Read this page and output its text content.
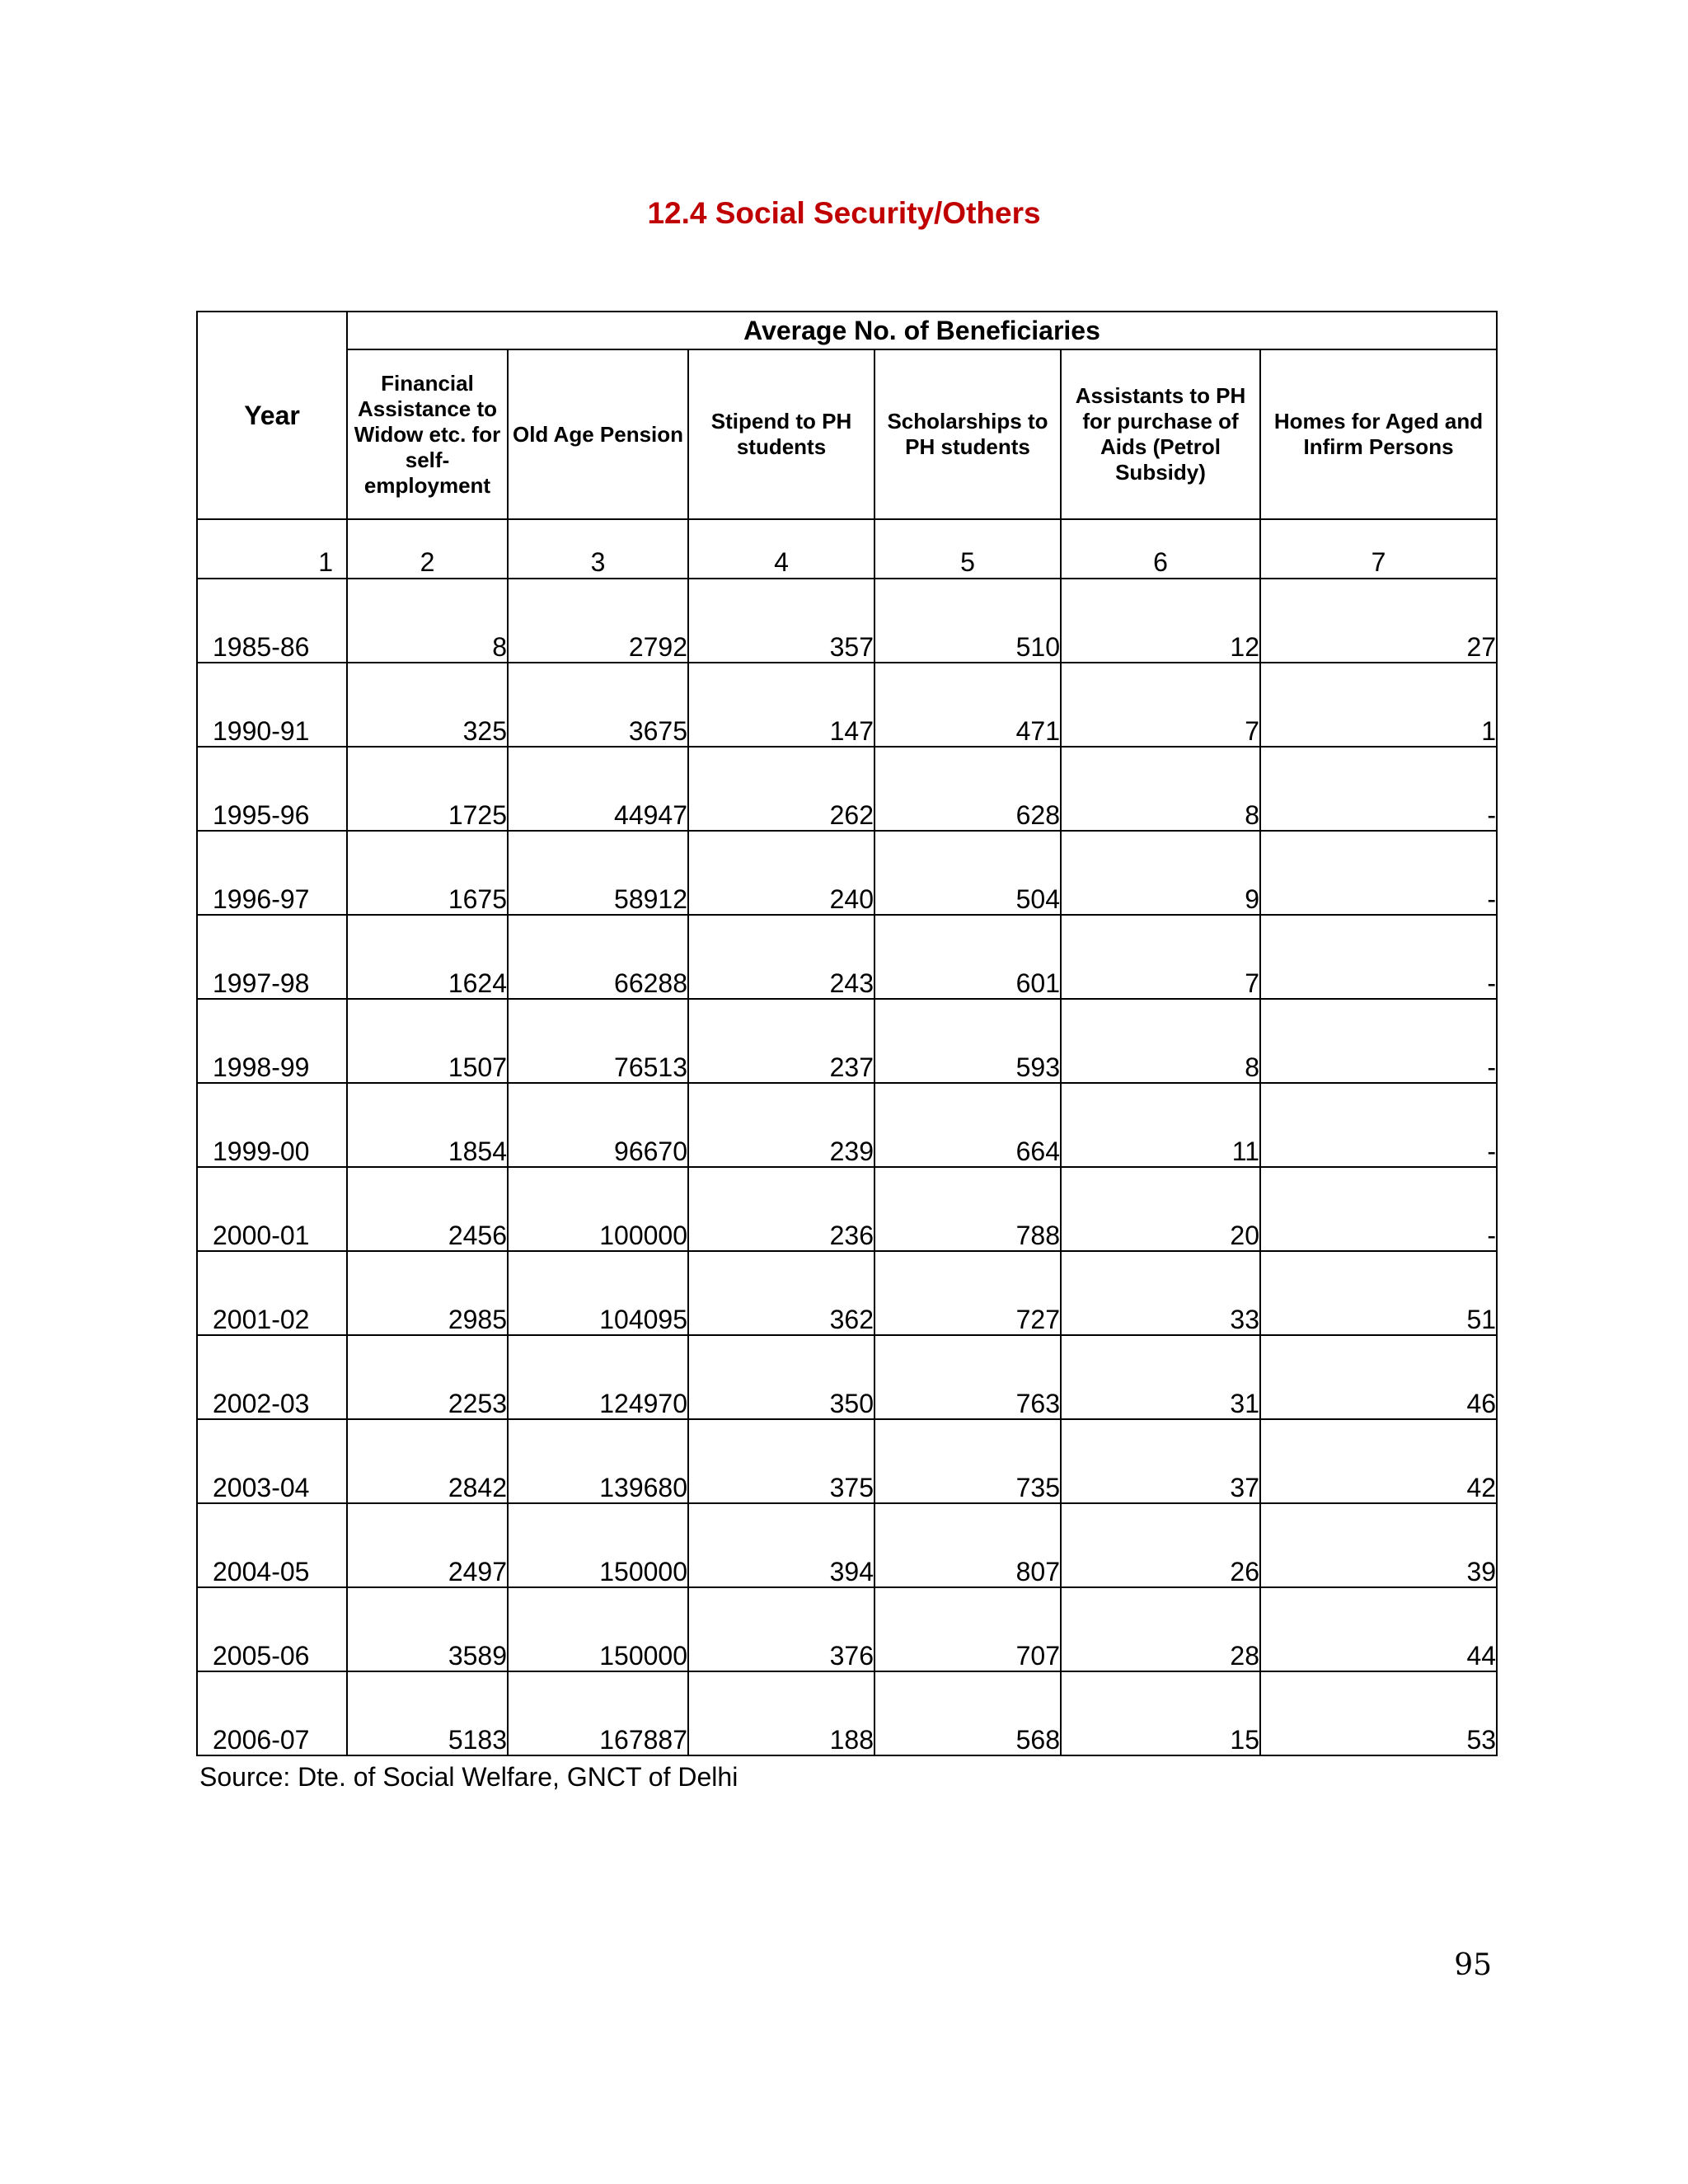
12.4 Social Security/Others
Year	Average No. of Beneficiaries					
	Financial Assistance to Widow etc. for self-employment	Old Age Pension	Stipend to PH students	Scholarships to PH students	Assistants to PH for purchase of Aids (Petrol Subsidy)	Homes for Aged and Infirm Persons
1	2	3	4	5	6	7
1985-86	8	2792	357	510	12	27
1990-91	325	3675	147	471	7	1
1995-96	1725	44947	262	628	8	-
1996-97	1675	58912	240	504	9	-
1997-98	1624	66288	243	601	7	-
1998-99	1507	76513	237	593	8	-
1999-00	1854	96670	239	664	11	-
2000-01	2456	100000	236	788	20	-
2001-02	2985	104095	362	727	33	51
2002-03	2253	124970	350	763	31	46
2003-04	2842	139680	375	735	37	42
2004-05	2497	150000	394	807	26	39
2005-06	3589	150000	376	707	28	44
2006-07	5183	167887	188	568	15	53
Source: Dte. of Social Welfare, GNCT of Delhi
95
